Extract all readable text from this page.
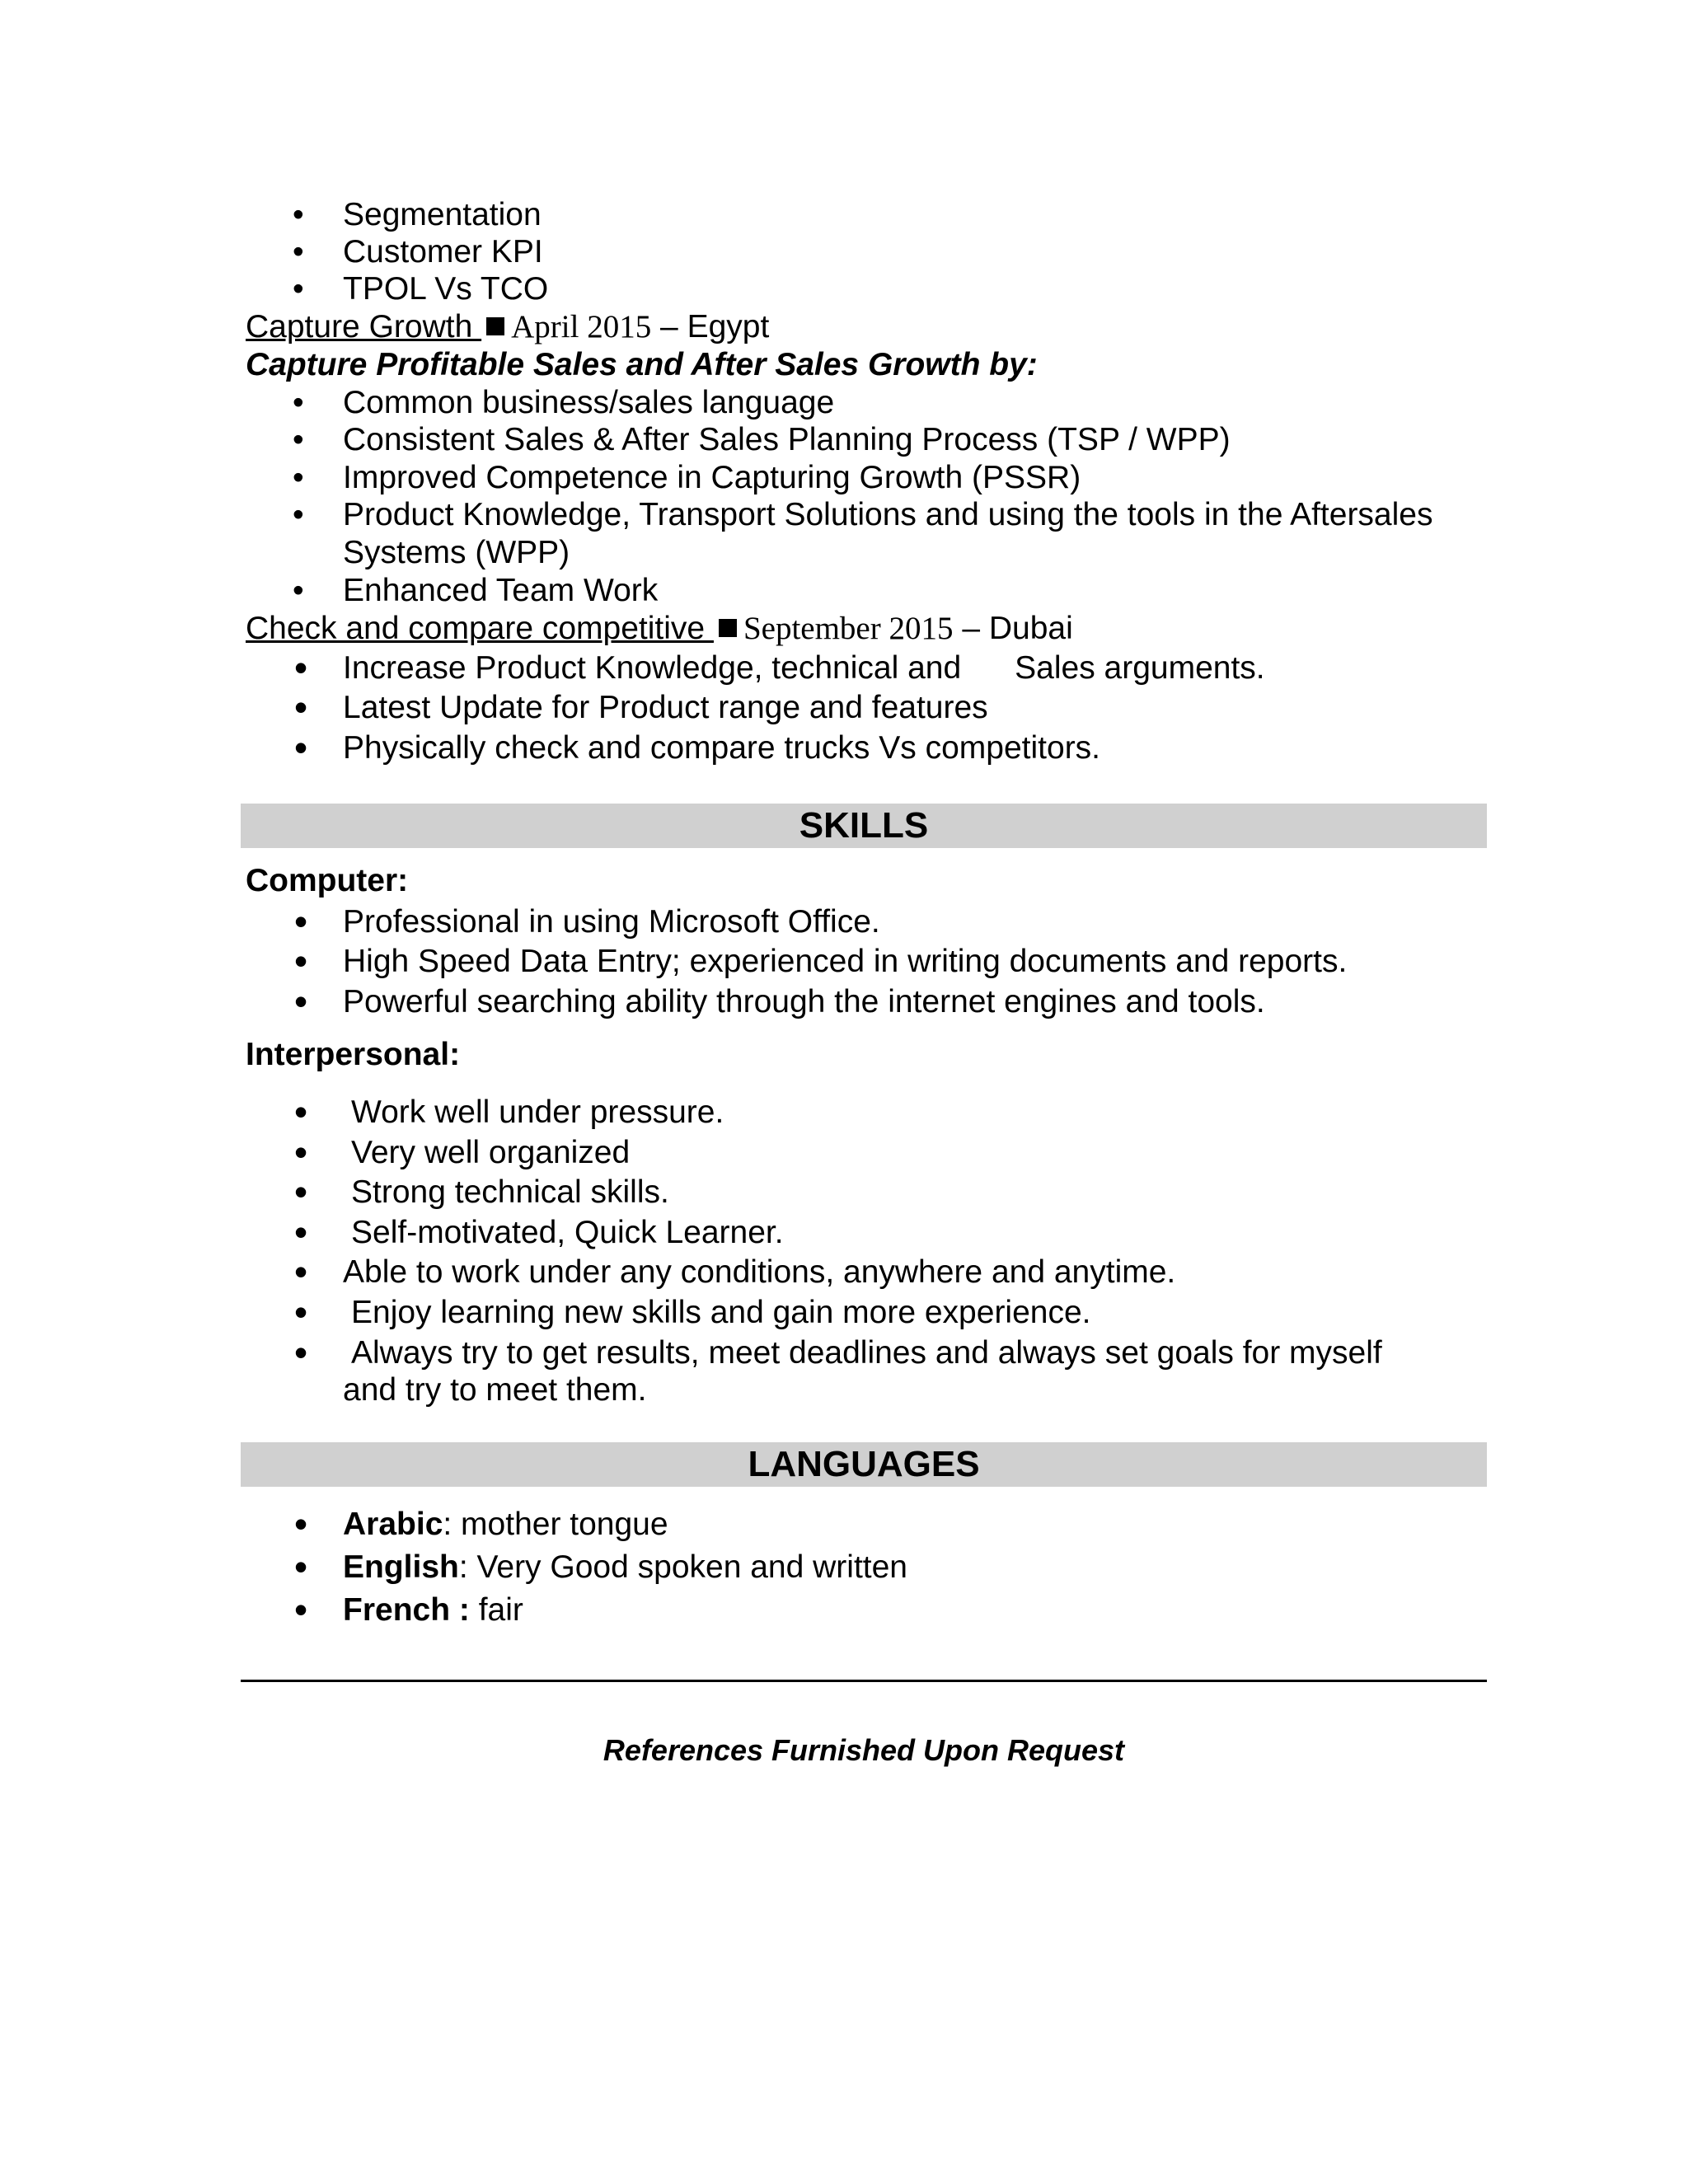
• Segmentation
• Customer KPI
• TPOL Vs TCO
Capture Growth April 2015 – Egypt
Capture Profitable Sales and After Sales Growth by:
• Common business/sales language
• Consistent Sales & After Sales Planning Process (TSP / WPP)
• Improved Competence in Capturing Growth (PSSR)
• Product Knowledge, Transport Solutions and using the tools in the Aftersales
Systems (WPP)
• Enhanced Team Work
Check and compare competitive September 2015 – Dubai
• Increase Product Knowledge, technical and      Sales arguments.
• Latest Update for Product range and features
• Physically check and compare trucks Vs competitors.
SKILLS
Computer:
• Professional in using Microsoft Office.
• High Speed Data Entry; experienced in writing documents and reports.
• Powerful searching ability through the internet engines and tools.
Interpersonal:
• Work well under pressure.
• Very well organized
• Strong technical skills.
• Self-motivated, Quick Learner.
• Able to work under any conditions, anywhere and anytime.
• Enjoy learning new skills and gain more experience.
• Always try to get results, meet deadlines and always set goals for myself
and try to meet them.
LANGUAGES
• Arabic: mother tongue
• English: Very Good spoken and written
• French : fair
References Furnished Upon Request
